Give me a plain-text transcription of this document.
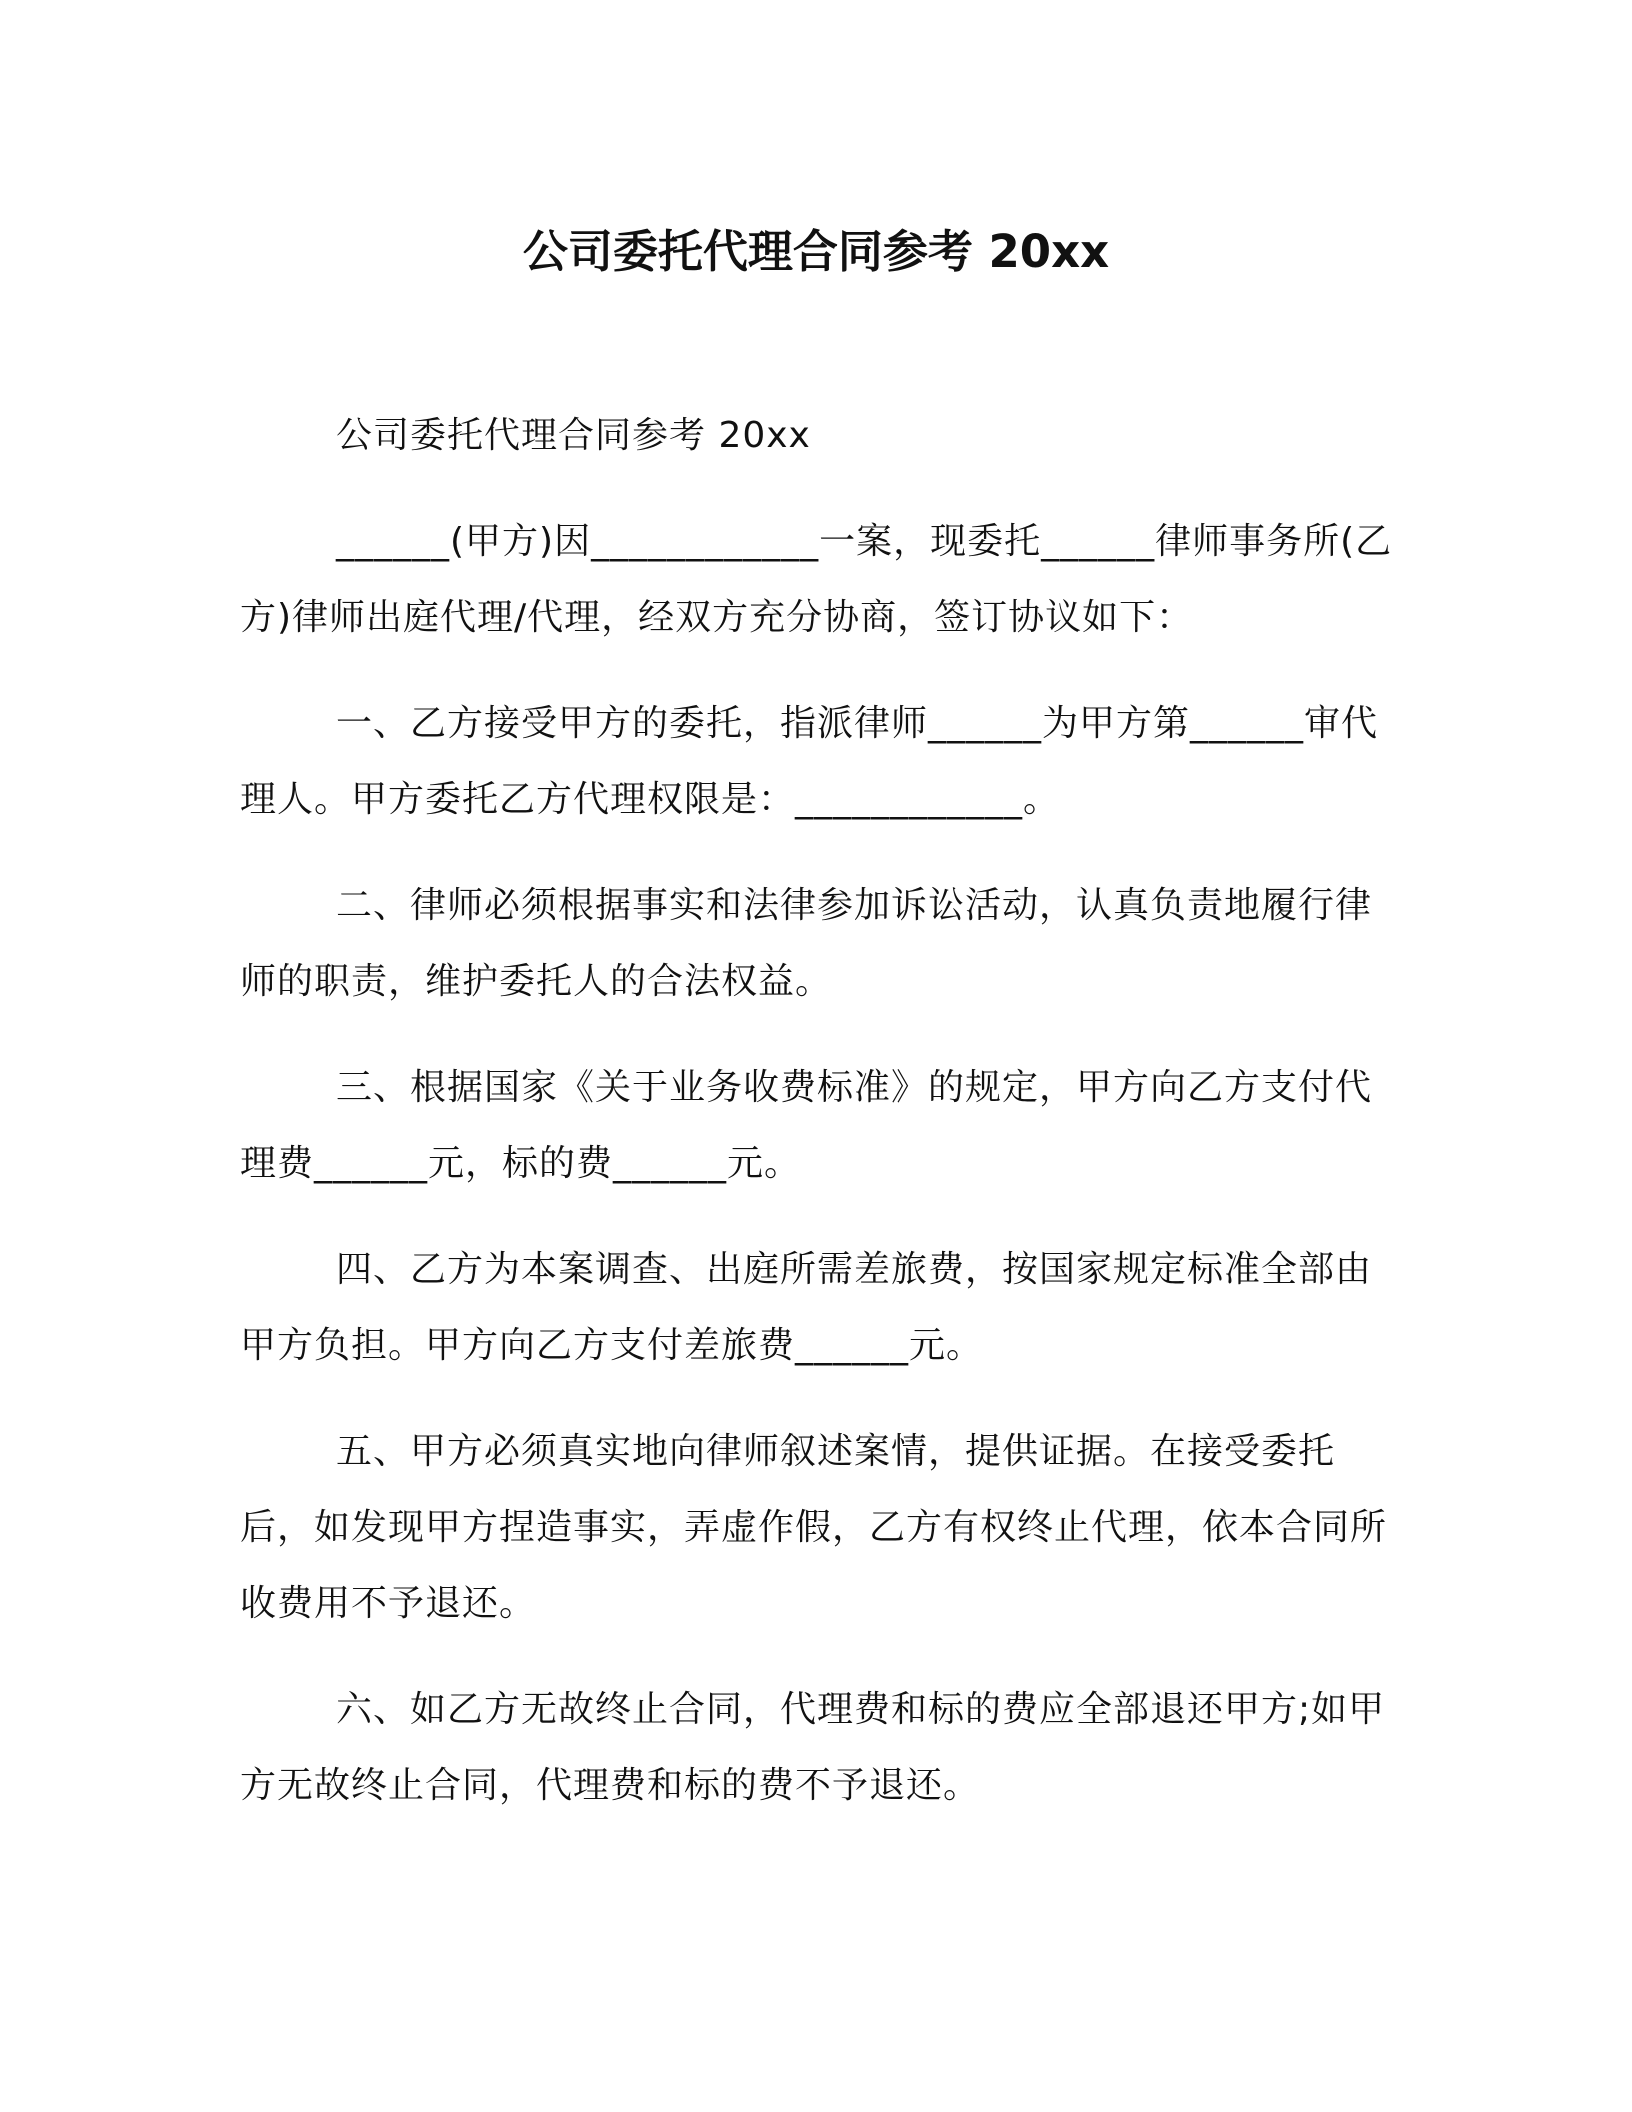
公司委托代理合同参考 20xx

公司委托代理合同参考 20xx

______(甲方)因____________一案，现委托______律师事务所(乙方)律师出庭代理/代理，经双方充分协商，签订协议如下：

一、乙方接受甲方的委托，指派律师______为甲方第______审代理人。甲方委托乙方代理权限是：____________。

二、律师必须根据事实和法律参加诉讼活动，认真负责地履行律师的职责，维护委托人的合法权益。

三、根据国家《关于业务收费标准》的规定，甲方向乙方支付代理费______元，标的费______元。

四、乙方为本案调查、出庭所需差旅费，按国家规定标准全部由甲方负担。甲方向乙方支付差旅费______元。

五、甲方必须真实地向律师叙述案情，提供证据。在接受委托后，如发现甲方捏造事实，弄虚作假，乙方有权终止代理，依本合同所收费用不予退还。

六、如乙方无故终止合同，代理费和标的费应全部退还甲方;如甲方无故终止合同，代理费和标的费不予退还。
